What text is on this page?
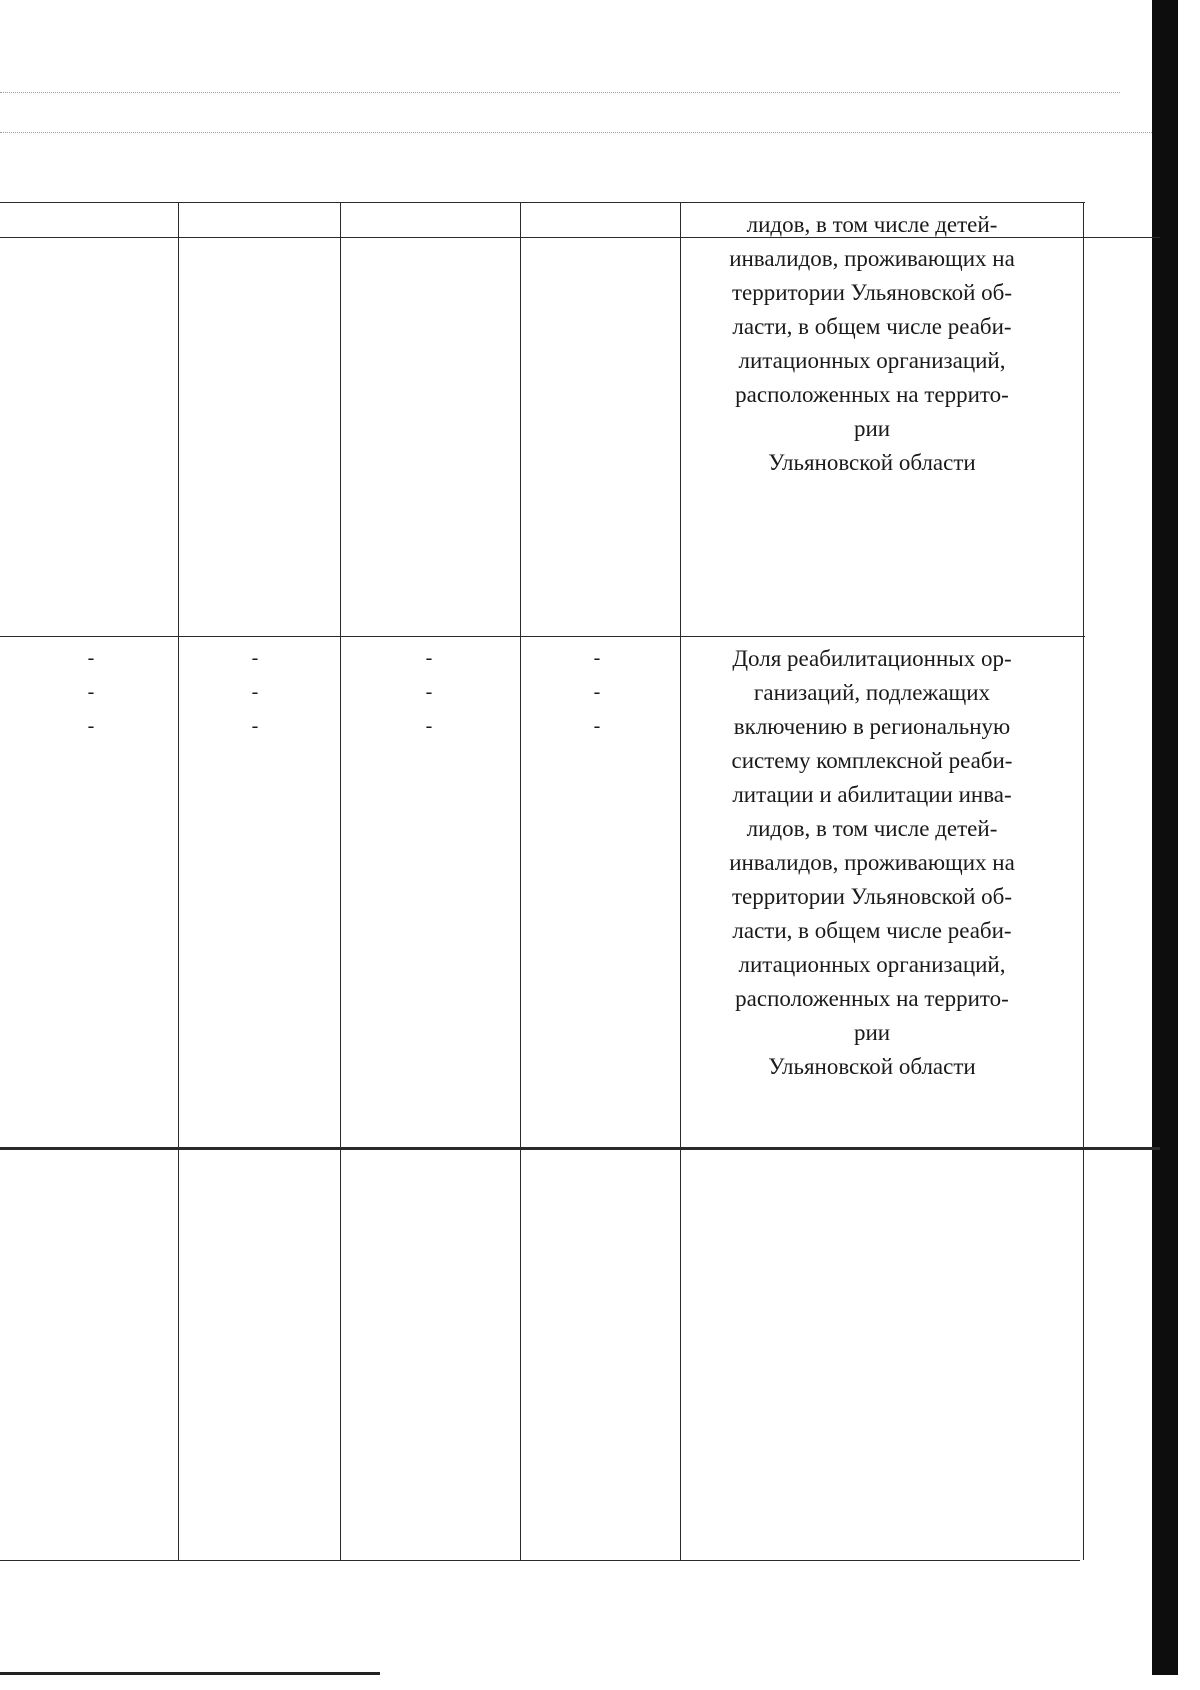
лидов, в том числе детей-
инвалидов, проживающих на
территории Ульяновской об-
ласти, в общем числе реаби-
литационных организаций,
расположенных на террито-
рии
Ульяновской области
Доля реабилитационных ор-
ганизаций, подлежащих
включению в региональную
систему комплексной реаби-
литации и абилитации инва-
лидов, в том числе детей-
инвалидов, проживающих на
территории Ульяновской об-
ласти, в общем числе реаби-
литационных организаций,
расположенных на террито-
рии
Ульяновской области
-
-
-
-
-
-
-
-
-
-
-
-
